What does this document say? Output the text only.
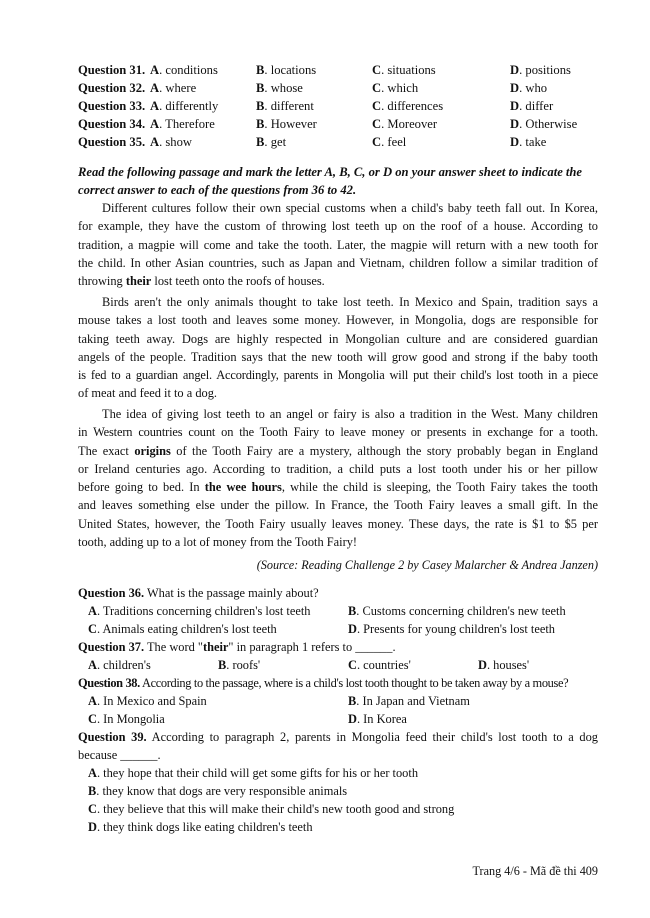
Question 31. A. conditions	B. locations	C. situations	D. positions
Question 32. A. where	B. whose	C. which	D. who
Question 33. A. differently	B. different	C. differences	D. differ
Question 34. A. Therefore	B. However	C. Moreover	D. Otherwise
Question 35. A. show	B. get	C. feel	D. take
Read the following passage and mark the letter A, B, C, or D on your answer sheet to indicate the
correct answer to each of the questions from 36 to 42.
Different cultures follow their own special customs when a child's baby teeth fall out. In Korea,
for example, they have the custom of throwing lost teeth up on the roof of a house. According to
tradition, a magpie will come and take the tooth. Later, the magpie will return with a new tooth for
the child. In other Asian countries, such as Japan and Vietnam, children follow a similar tradition of
throwing their lost teeth onto the roofs of houses.
Birds aren't the only animals thought to take lost teeth. In Mexico and Spain, tradition says a
mouse takes a lost tooth and leaves some money. However, in Mongolia, dogs are responsible for
taking teeth away. Dogs are highly respected in Mongolian culture and are considered guardian
angels of the people. Tradition says that the new tooth will grow good and strong if the baby tooth
is fed to a guardian angel. Accordingly, parents in Mongolia will put their child's lost tooth in a piece
of meat and feed it to a dog.
The idea of giving lost teeth to an angel or fairy is also a tradition in the West. Many children
in Western countries count on the Tooth Fairy to leave money or presents in exchange for a tooth.
The exact origins of the Tooth Fairy are a mystery, although the story probably began in England
or Ireland centuries ago. According to tradition, a child puts a lost tooth under his or her pillow
before going to bed. In the wee hours, while the child is sleeping, the Tooth Fairy takes the tooth
and leaves something else under the pillow. In France, the Tooth Fairy leaves a small gift. In the
United States, however, the Tooth Fairy usually leaves money. These days, the rate is $1 to $5 per
tooth, adding up to a lot of money from the Tooth Fairy!
(Source: Reading Challenge 2 by Casey Malarcher & Andrea Janzen)
Question 36. What is the passage mainly about?
A. Traditions concerning children's lost teeth	B. Customs concerning children's new teeth
C. Animals eating children's lost teeth	D. Presents for young children's lost teeth
Question 37. The word "their" in paragraph 1 refers to ______.
A. children's	B. roofs'	C. countries'	D. houses'
Question 38. According to the passage, where is a child's lost tooth thought to be taken away by a mouse?
A. In Mexico and Spain	B. In Japan and Vietnam
C. In Mongolia	D. In Korea
Question 39. According to paragraph 2, parents in Mongolia feed their child's lost tooth to a dog
because ______.
A. they hope that their child will get some gifts for his or her tooth
B. they know that dogs are very responsible animals
C. they believe that this will make their child's new tooth good and strong
D. they think dogs like eating children's teeth
Trang 4/6 - Mã đề thi 409
